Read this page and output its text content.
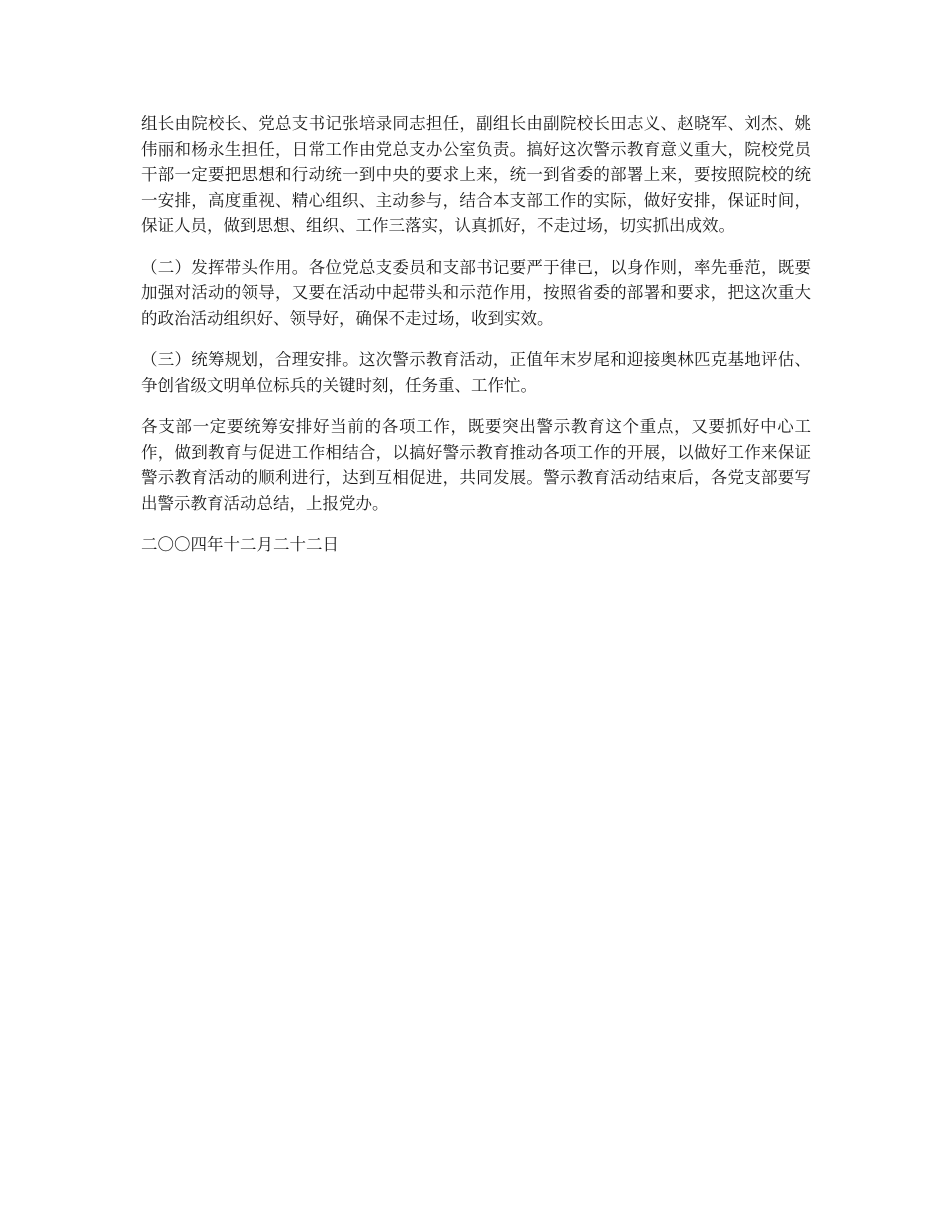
组长由院校长、党总支书记张培录同志担任，副组长由副院校长田志义、赵晓军、刘杰、姚伟丽和杨永生担任，日常工作由党总支办公室负责。搞好这次警示教育意义重大，院校党员干部一定要把思想和行动统一到中央的要求上来，统一到省委的部署上来，要按照院校的统一安排，高度重视、精心组织、主动参与，结合本支部工作的实际，做好安排，保证时间，保证人员，做到思想、组织、工作三落实，认真抓好，不走过场，切实抓出成效。

（二）发挥带头作用。各位党总支委员和支部书记要严于律已，以身作则，率先垂范，既要加强对活动的领导，又要在活动中起带头和示范作用，按照省委的部署和要求，把这次重大的政治活动组织好、领导好，确保不走过场，收到实效。

（三）统筹规划，合理安排。这次警示教育活动，正值年末岁尾和迎接奥林匹克基地评估、争创省级文明单位标兵的关键时刻，任务重、工作忙。

各支部一定要统筹安排好当前的各项工作，既要突出警示教育这个重点，又要抓好中心工作，做到教育与促进工作相结合，以搞好警示教育推动各项工作的开展，以做好工作来保证警示教育活动的顺利进行，达到互相促进，共同发展。警示教育活动结束后，各党支部要写出警示教育活动总结，上报党办。

二〇〇四年十二月二十二日
